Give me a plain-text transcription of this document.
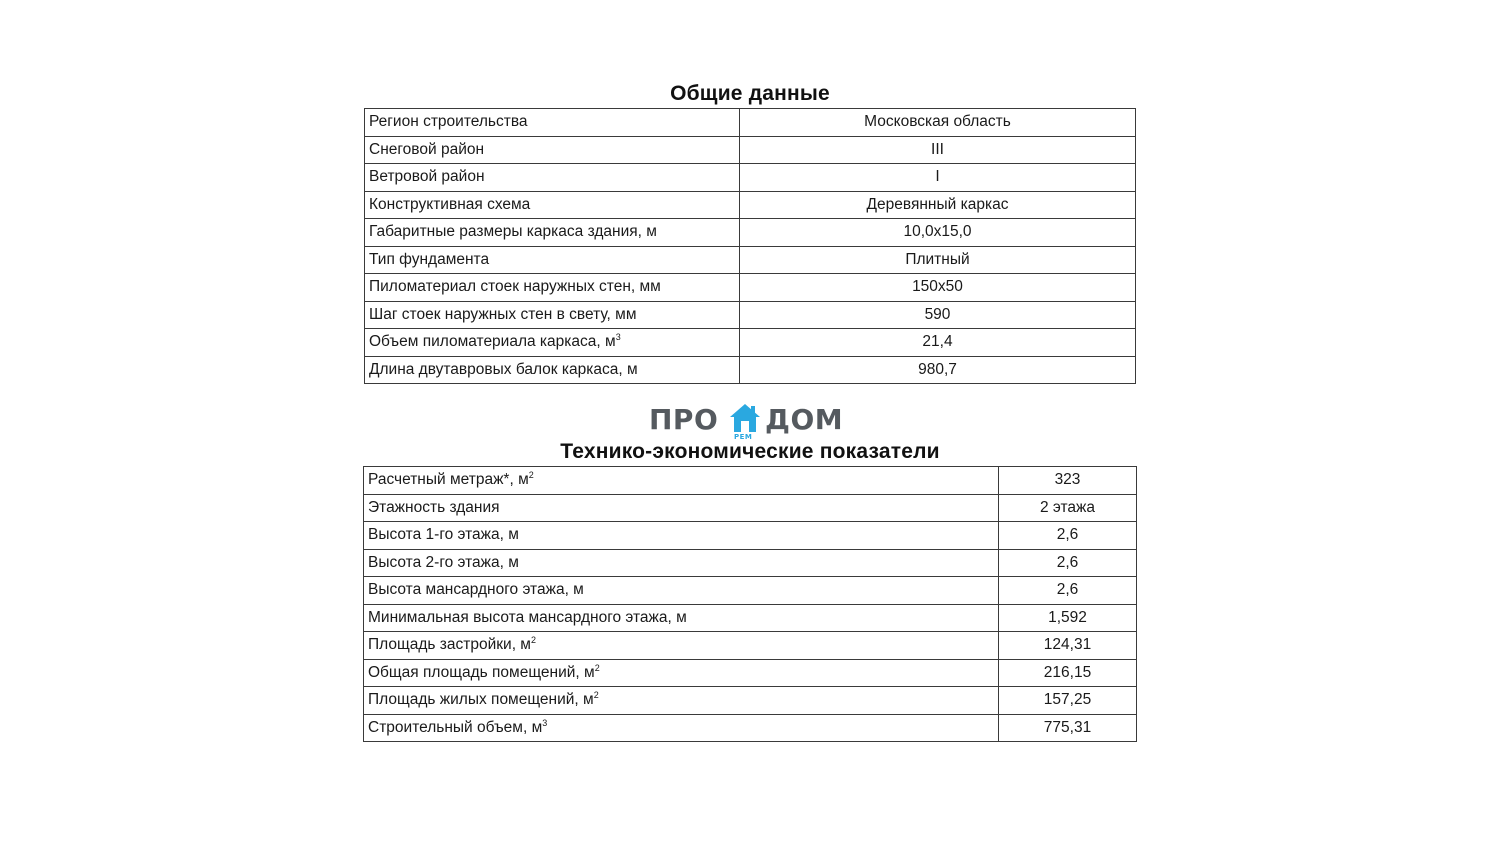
Общие данные
Регион строительства	Московская область
Снеговой район	III
Ветровой район	I
Конструктивная схема	Деревянный каркас
Габаритные размеры каркаса здания, м	10,0х15,0
Тип фундамента	Плитный
Пиломатериал стоек наружных стен, мм	150х50
Шаг стоек наружных стен в свету, мм	590
Объем пиломатериала каркаса, $м^3$	21,4
Длина двутавровых балок каркаса, м	980,7
ПРО
РЕМ
ДОМ
Технико-экономические показатели
Расчетный метраж*, $м^2$	323
Этажность здания	2 этажа
Высота 1-го этажа, м	2,6
Высота 2-го этажа, м	2,6
Высота мансардного этажа, м	2,6
Минимальная высота мансардного этажа, м	1,592
Площадь застройки, $м^2$	124,31
Общая площадь помещений, $м^2$	216,15
Площадь жилых помещений, $м^2$	157,25
Строительный объем, $м^3$	775,31
